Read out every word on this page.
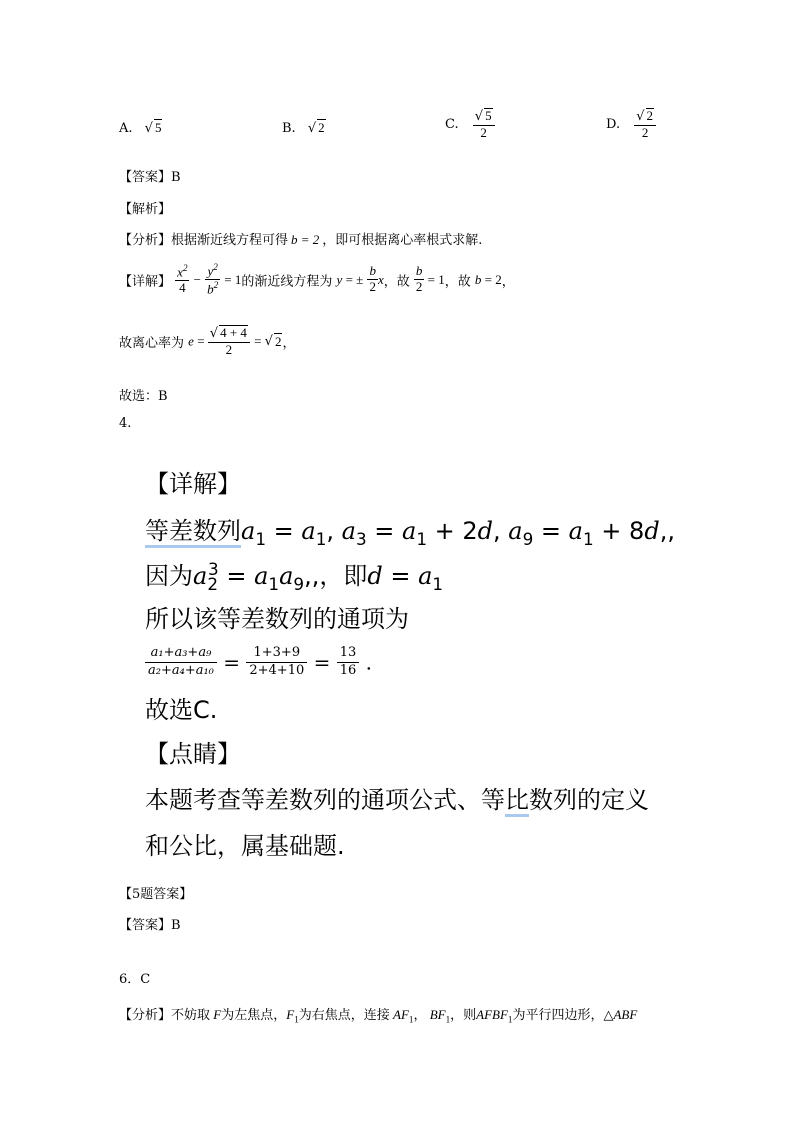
A. √ 5	B. √ 2	C. $\frac{√ 5}{2}$	D. $\frac{√ 2}{2}$
【答案】B
【解析】
【分析】根据渐近线方程可得 b = 2 ，即可根据离心率根式求解.
【详解】 $\frac{x^2}{4} - \frac{y^2}{b^2} = 1$的渐近线方程为 y = ± $\frac{b}{2}$ x，故 $\frac{b}{2} = 1$，故 b = 2，
故离心率为 $e = \frac{√ 4 + 4}{2}$ = √ 2，
故选：B
4.
【详解】
等差数列$a_1 = a_1$, $a_3 = a_1 + 2d$, $a_9 = a_1 + 8d$,,
因为$a_2^3 = a_1a_9$,,，即$d = a_1$
所以该等差数列的通项为
$\frac{\text{a₁+a₃+a₉}}{\text{a₂+a₄+a₁₀}} = \frac{1+3+9}{2+4+10} = \frac{13}{16}$ .
故选C.
【点睛】
本题考查等差数列的通项公式、等比数列的定义
和公比，属基础题.
【5题答案】
【答案】B
6．C
【分析】不妨取 F为左焦点，$F_1$为右焦点，连接 $AF_1$， $BF_1$，则$AFBF_1$为平行四边形，△ABF
